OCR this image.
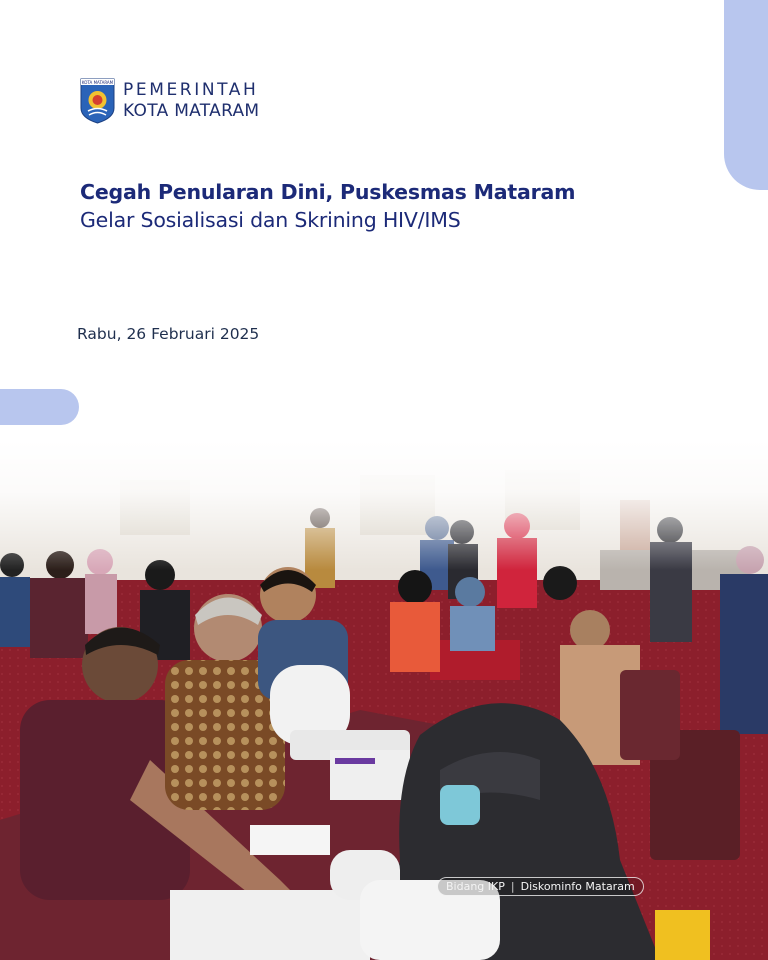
KOTA MATARAM PEMERINTAH
KOTA MATARAM
Cegah Penularan Dini, Puskesmas Mataram
Gelar Sosialisasi dan Skrining HIV/IMS
Rabu, 26 Februari 2025
Bidang IKP | Diskominfo Mataram
